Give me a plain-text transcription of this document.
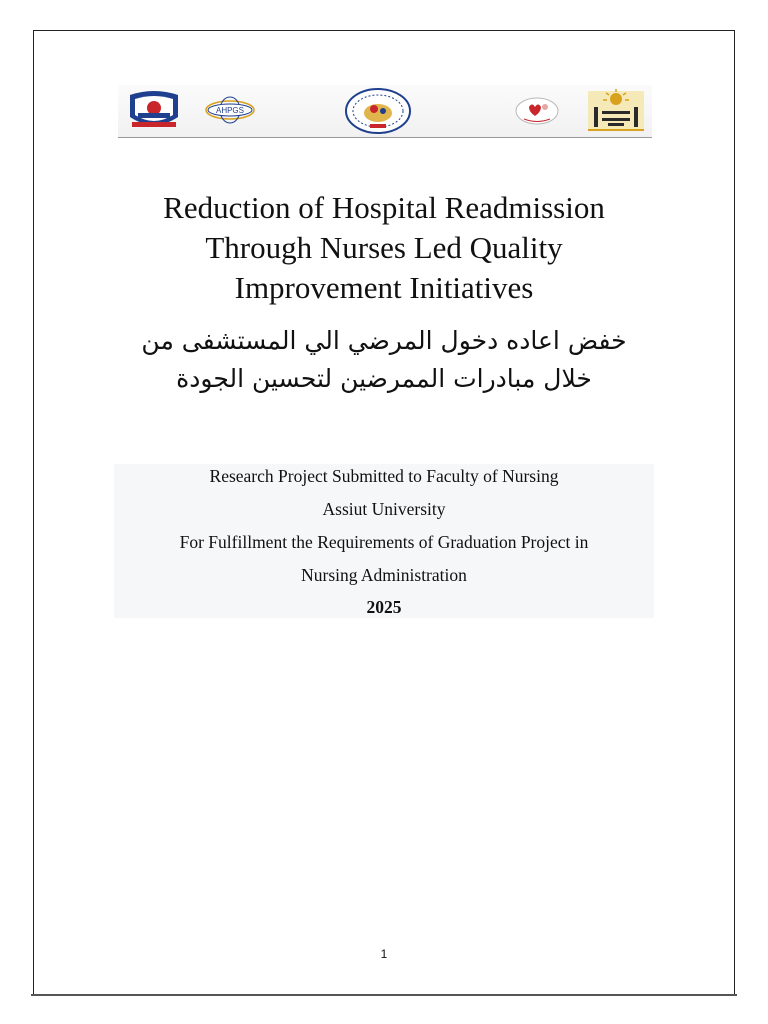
AHPGS
Reduction of Hospital Readmission
Through Nurses Led Quality
Improvement Initiatives
خفض اعاده دخول المرضي الي المستشفى من
خلال مبادرات الممرضين لتحسين الجودة
Research Project Submitted to Faculty of Nursing
Assiut University
For Fulfillment the Requirements of Graduation Project in
Nursing Administration
2025
1
